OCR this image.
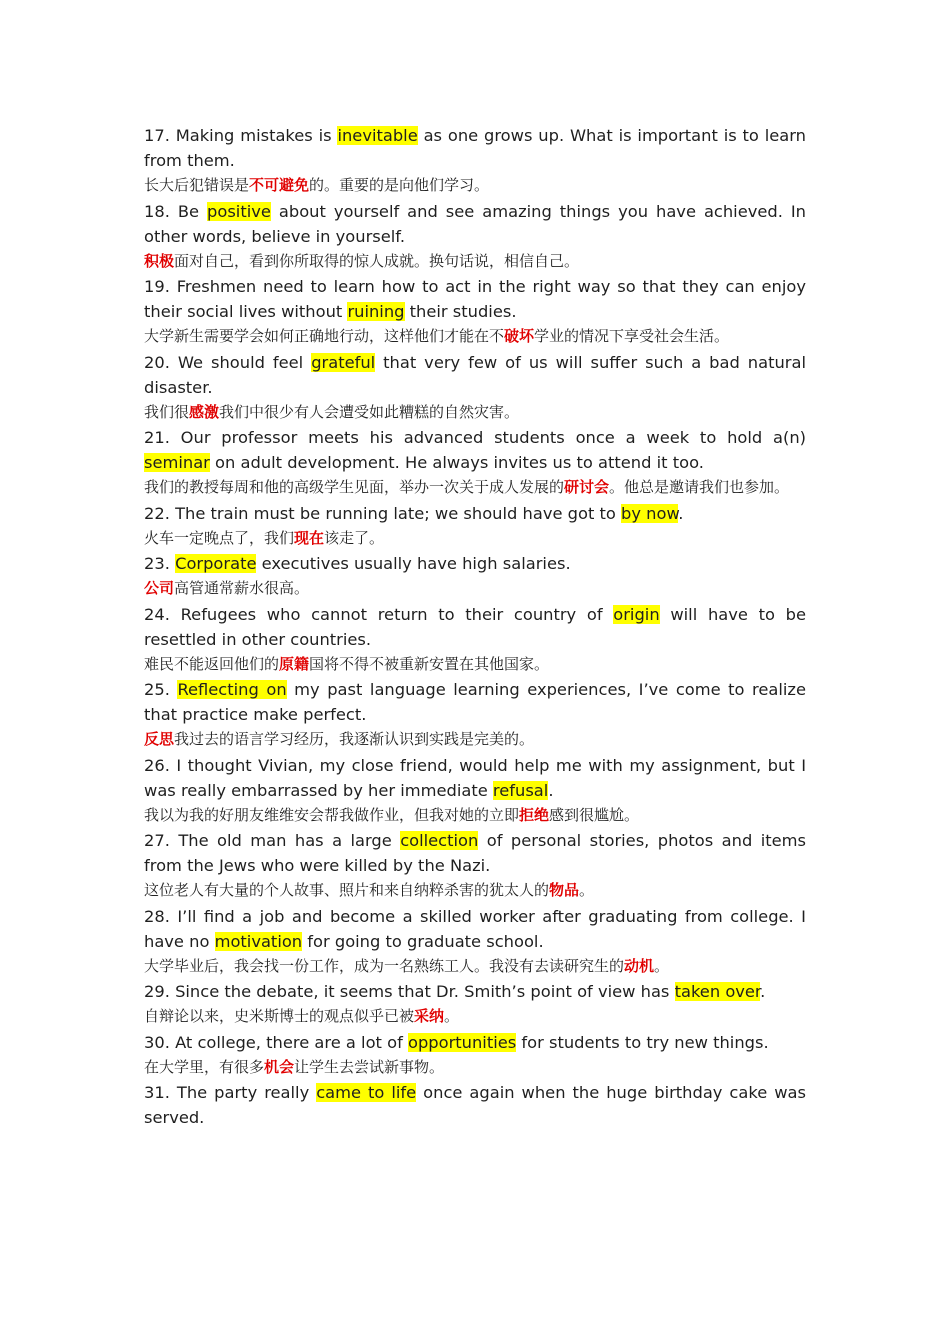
17. Making mistakes is inevitable as one grows up. What is important is to learn from them.

长大后犯错误是不可避免的。重要的是向他们学习。

18. Be positive about yourself and see amazing things you have achieved. In other words, believe in yourself.

积极面对自己，看到你所取得的惊人成就。换句话说，相信自己。

19. Freshmen need to learn how to act in the right way so that they can enjoy their social lives without ruining their studies.

大学新生需要学会如何正确地行动，这样他们才能在不破坏学业的情况下享受社会生活。

20. We should feel grateful that very few of us will suffer such a bad natural disaster.

我们很感激我们中很少有人会遭受如此糟糕的自然灾害。

21. Our professor meets his advanced students once a week to hold a(n) seminar on adult development. He always invites us to attend it too.

我们的教授每周和他的高级学生见面，举办一次关于成人发展的研讨会。他总是邀请我们也参加。

22. The train must be running late; we should have got to by now.

火车一定晚点了，我们现在该走了。

23. Corporate executives usually have high salaries.

公司高管通常薪水很高。

24. Refugees who cannot return to their country of origin will have to be resettled in other countries.

难民不能返回他们的原籍国将不得不被重新安置在其他国家。

25. Reflecting on my past language learning experiences, I’ve come to realize that practice make perfect.

反思我过去的语言学习经历，我逐渐认识到实践是完美的。

26. I thought Vivian, my close friend, would help me with my assignment, but I was really embarrassed by her immediate refusal.

我以为我的好朋友维维安会帮我做作业，但我对她的立即拒绝感到很尴尬。

27. The old man has a large collection of personal stories, photos and items from the Jews who were killed by the Nazi.

这位老人有大量的个人故事、照片和来自纳粹杀害的犹太人的物品。

28. I’ll find a job and become a skilled worker after graduating from college. I have no motivation for going to graduate school.

大学毕业后，我会找一份工作，成为一名熟练工人。我没有去读研究生的动机。

29. Since the debate, it seems that Dr. Smith’s point of view has taken over.

自辩论以来，史米斯博士的观点似乎已被采纳。

30. At college, there are a lot of opportunities for students to try new things.

在大学里，有很多机会让学生去尝试新事物。

31. The party really came to life once again when the huge birthday cake was served.
